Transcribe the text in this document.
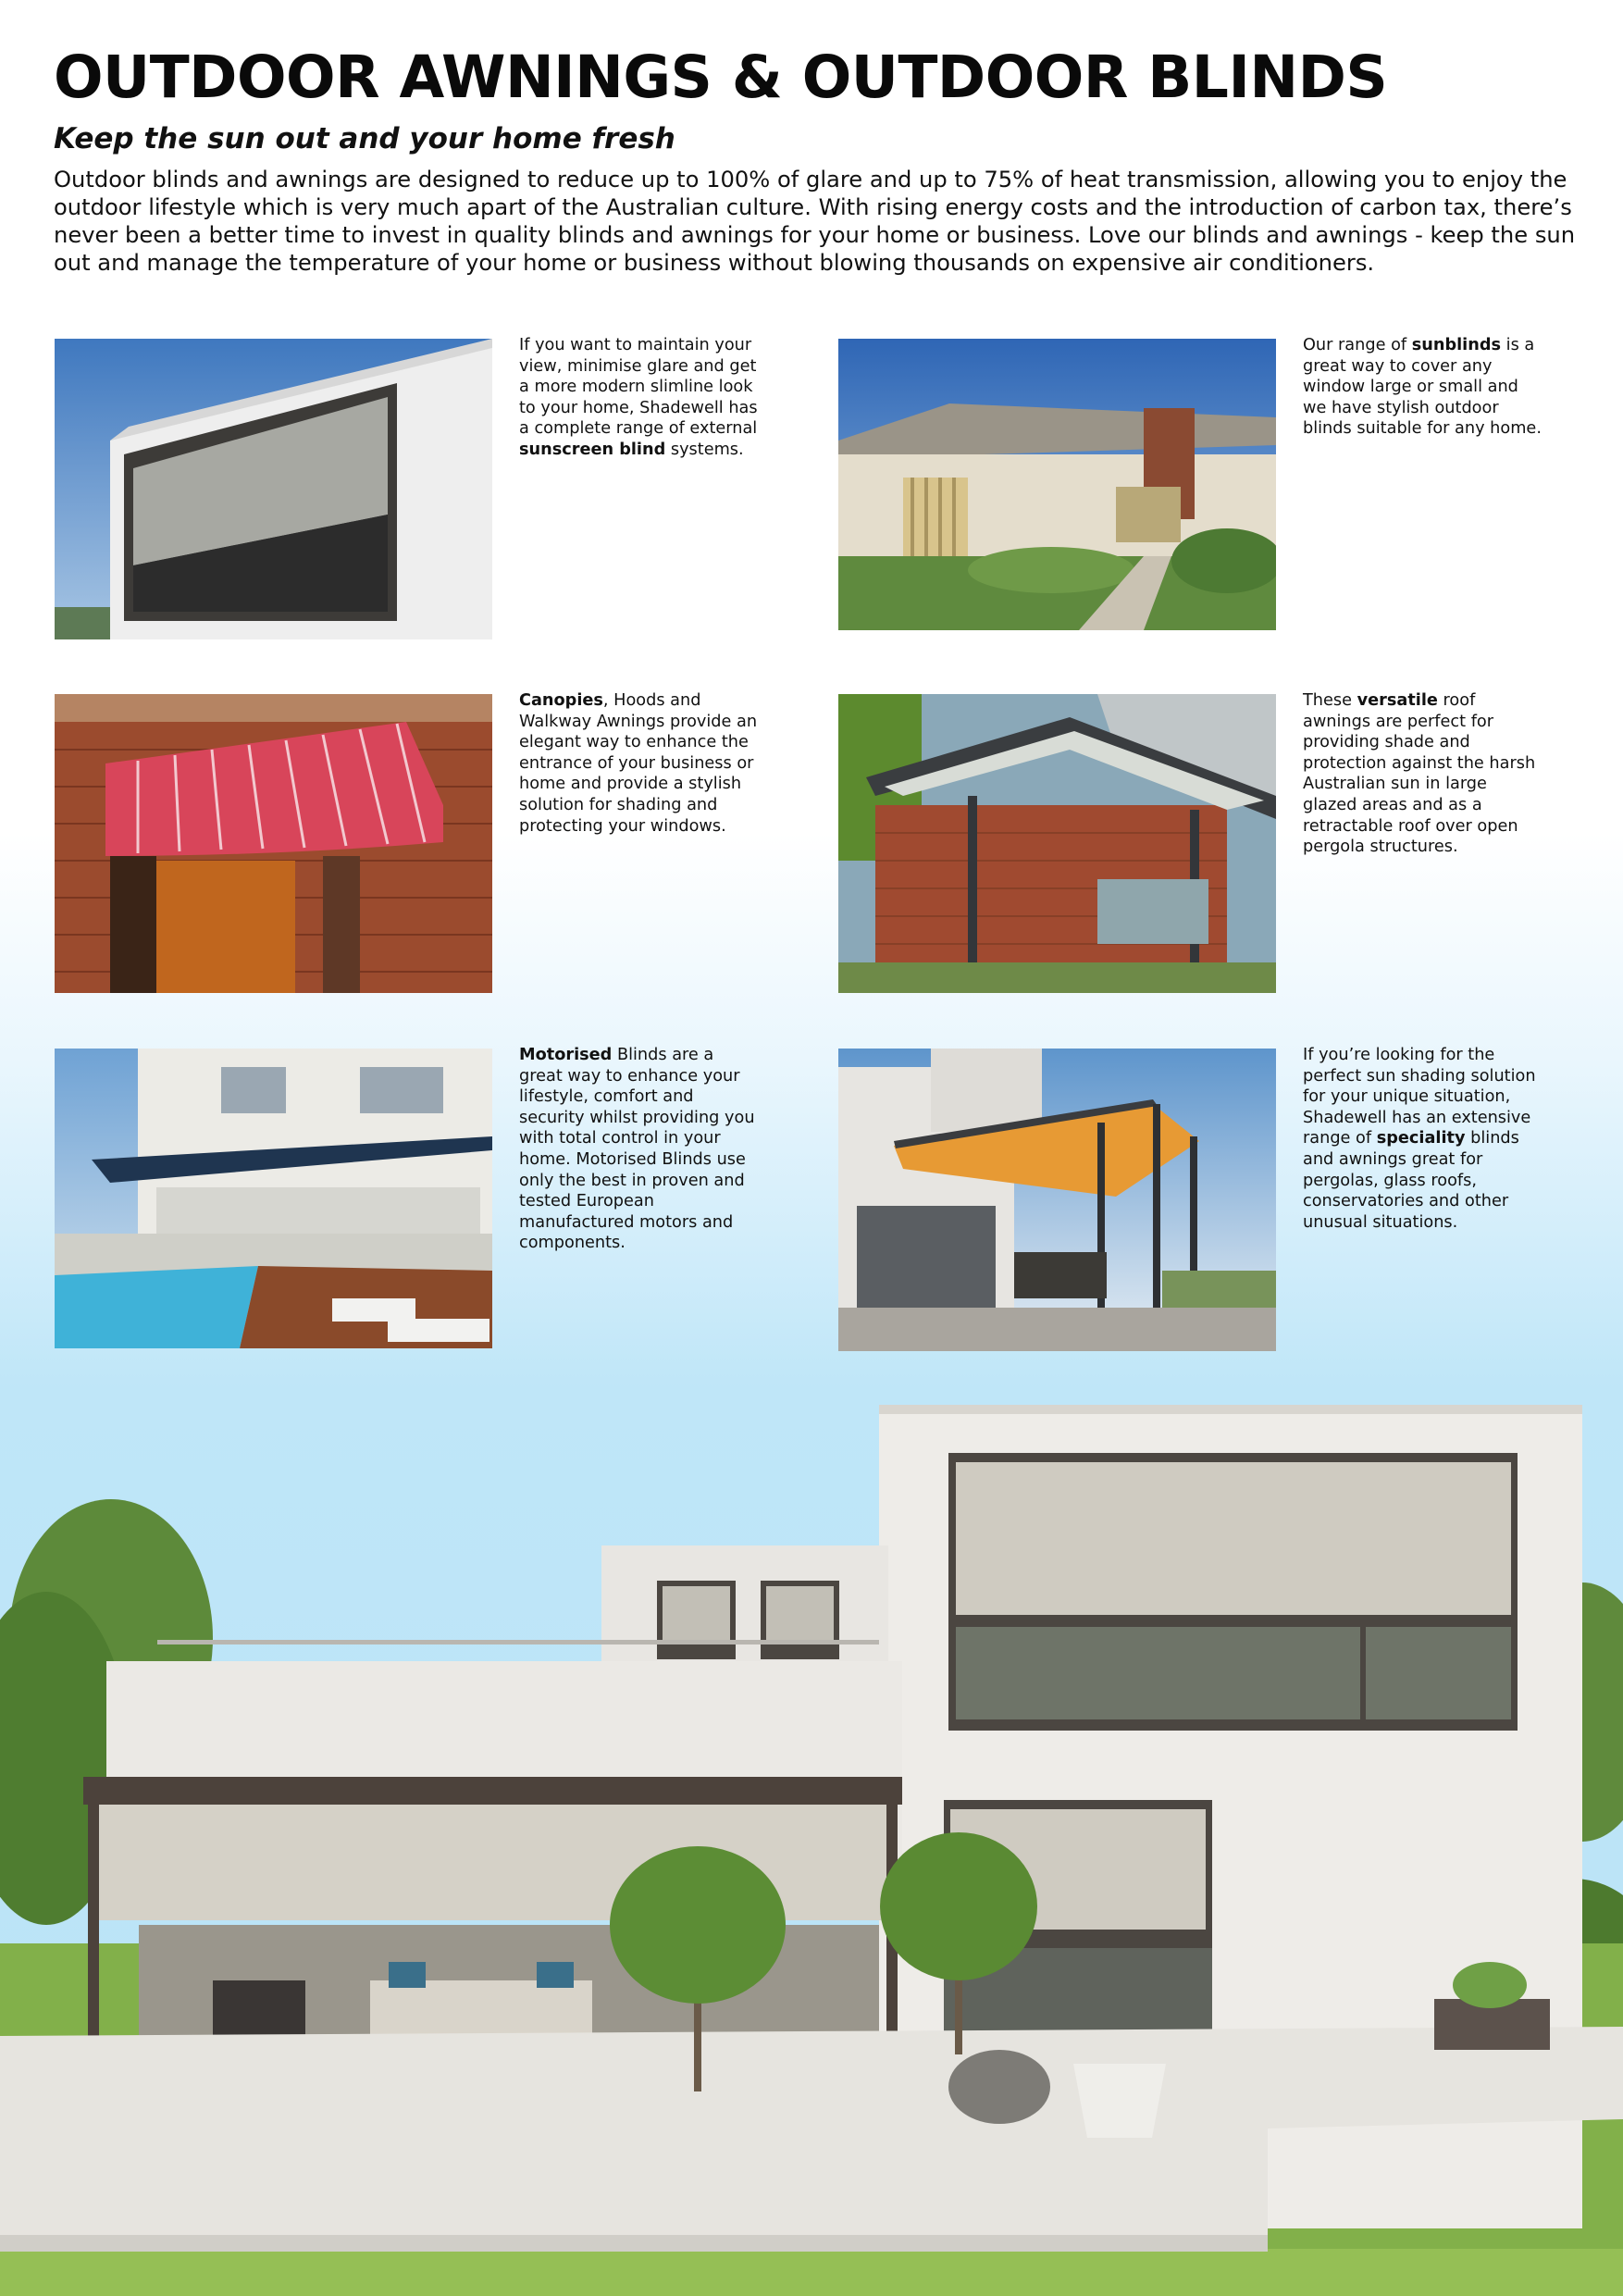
OUTDOOR AWNINGS & OUTDOOR BLINDS
Keep the sun out and your home fresh

Outdoor blinds and awnings are designed to reduce up to 100% of glare and up to 75% of heat transmission, allowing you to enjoy the outdoor lifestyle which is very much apart of the Australian culture. With rising energy costs and the introduction of carbon tax, there’s never been a better time to invest in quality blinds and awnings for your home or business. Love our blinds and awnings - keep the sun out and manage the temperature of your home or business without blowing thousands on expensive air conditioners.

If you want to maintain your view, minimise glare and get a more modern slimline look to your home, Shadewell has a complete range of external sunscreen blind systems.

Our range of sunblinds is a great way to cover any window large or small and we have stylish outdoor blinds suitable for any home.

Canopies, Hoods and Walkway Awnings provide an elegant way to enhance the entrance of your business or home and provide a stylish solution for shading and protecting your windows.

These versatile roof awnings are perfect for providing shade and protection against the harsh Australian sun in large glazed areas and as a retractable roof over open pergola structures.

Motorised Blinds are a great way to enhance your lifestyle, comfort and security whilst providing you with total control in your home. Motorised Blinds use only the best in proven and tested European manufactured motors and components.

If you’re looking for the perfect sun shading solution for your unique situation, Shadewell has an extensive range of speciality blinds and awnings great for pergolas, glass roofs, conservatories and other unusual situations.
